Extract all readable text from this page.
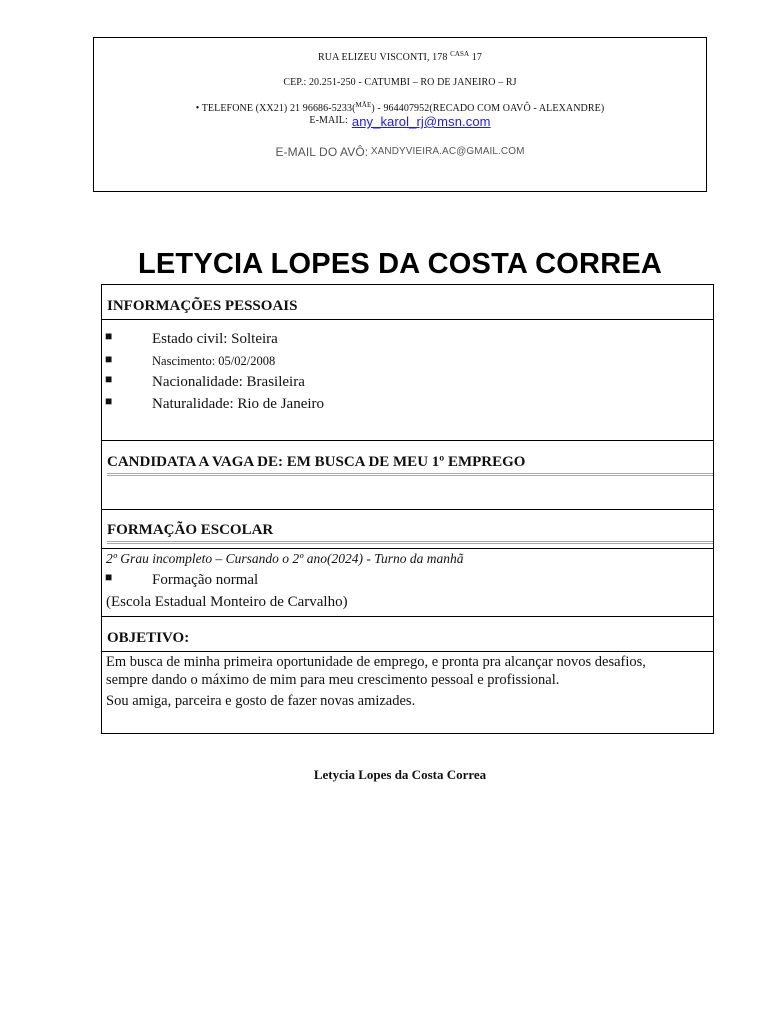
RUA ELIZEU VISCONTI, 178 $^{CASA}$ 17
CEP.: 20.251-250 - CATUMBI – RO DE JANEIRO – RJ
• TELEFONE (XX21) 21 96686-5233($^{MÃE}$) - 964407952(RECADO COM OAVÔ - ALEXANDRE)
E-MAIL: any_karol_rj@msn.com
E-MAIL DO AVÔ: XANDYVIEIRA.AC@GMAIL.COM
LETYCIA LOPES DA COSTA CORREA
INFORMAÇÕES PESSOAIS
■	Estado civil: Solteira
■	Nascimento: 05/02/2008
■	Nacionalidade: Brasileira
■	Naturalidade: Rio de Janeiro
CANDIDATA A VAGA DE: EM BUSCA DE MEU 1º EMPREGO
FORMAÇÃO ESCOLAR
2º Grau incompleto – Cursando o 2º ano(2024) - Turno da manhã
■	Formação normal
(Escola Estadual Monteiro de Carvalho)
OBJETIVO:
Em busca de minha primeira oportunidade de emprego, e pronta pra alcançar novos desafios,
sempre dando o máximo de mim para meu crescimento pessoal e profissional.
Sou amiga, parceira e gosto de fazer novas amizades.
Letycia Lopes da Costa Correa
